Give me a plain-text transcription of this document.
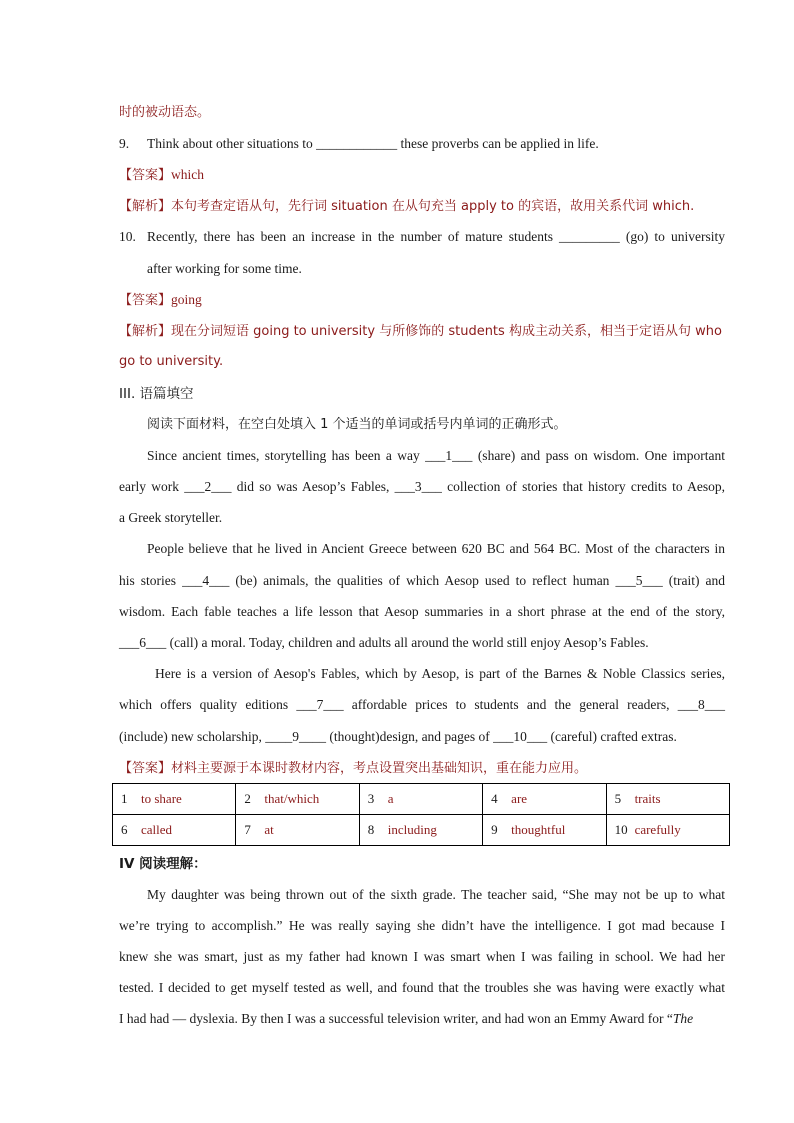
时的被动语态。
9. Think about other situations to ____________ these proverbs can be applied in life.
【答案】which
【解析】本句考查定语从句，先行词 situation 在从句充当 apply to 的宾语，故用关系代词 which.
10. Recently, there has been an increase in the number of mature students _________ (go) to university
after working for some time.
【答案】going
【解析】现在分词短语 going to university 与所修饰的 students 构成主动关系，相当于定语从句 who
go to university.
III. 语篇填空
阅读下面材料，在空白处填入 1 个适当的单词或括号内单词的正确形式。
Since ancient times, storytelling has been a way ___1___ (share) and pass on wisdom. One important
early work ___2___ did so was Aesop’s Fables, ___3___ collection of stories that history credits to Aesop,
a Greek storyteller.
People believe that he lived in Ancient Greece between 620 BC and 564 BC. Most of the characters in
his stories ___4___ (be) animals, the qualities of which Aesop used to reflect human ___5___ (trait) and
wisdom. Each fable teaches a life lesson that Aesop summaries in a short phrase at the end of the story,
___6___ (call) a moral. Today, children and adults all around the world still enjoy Aesop’s Fables.
Here is a version of Aesop's Fables, which by Aesop, is part of the Barnes & Noble Classics series,
which offers quality editions ___7___ affordable prices to students and the general readers, ___8___
(include) new scholarship, ____9____ (thought)design, and pages of ___10___ (careful) crafted extras.
【答案】材料主要源于本课时教材内容，考点设置突出基础知识，重在能力应用。
1 to share	2 that/which	3 a	4 are	5 traits
6 called	7 at	8 including	9 thoughtful	10 carefully
IV 阅读理解：
My daughter was being thrown out of the sixth grade. The teacher said, “She may not be up to what
we’re trying to accomplish.” He was really saying she didn’t have the intelligence. I got mad because I
knew she was smart, just as my father had known I was smart when I was failing in school. We had her
tested. I decided to get myself tested as well, and found that the troubles she was having were exactly what
I had had — dyslexia. By then I was a successful television writer, and had won an Emmy Award for “The
